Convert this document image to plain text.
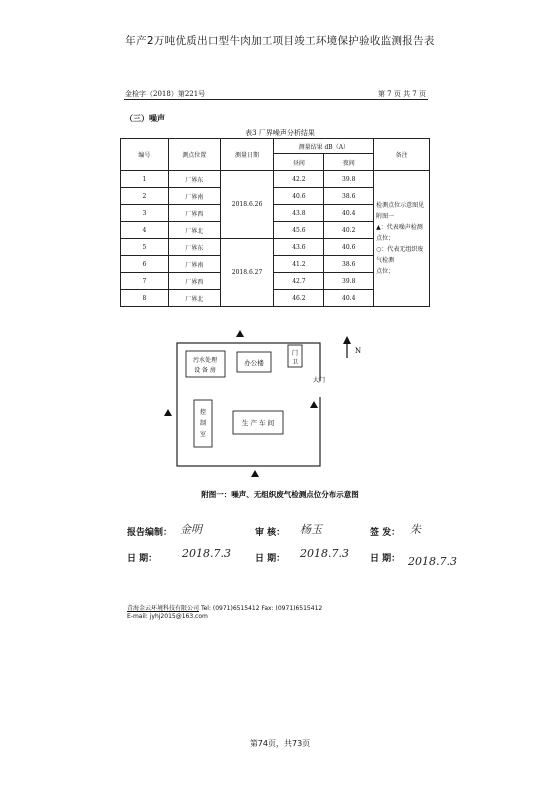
年产2万吨优质出口型牛肉加工项目竣工环境保护验收监测报告表
金检字（2018）第221号	第 7 页 共 7 页
（三）噪声
表3 厂界噪声分析结果
编号	测点位置	测量日期	测量结果 dB（A）		备注
			昼间	夜间	
1	厂界东	2018.6.26	42.2	39.8	检测点位示意图见附图一
▲：代表噪声检测点位；
○：代表无组织废气检测
点位；

2	厂界南		40.6	38.6	
3	厂界西		43.8	40.4	
4	厂界北		45.6	40.2	
5	厂界东	2018.6.27	43.6	40.6	
6	厂界南		41.2	38.6	
7	厂界西		42.7	39.8	
8	厂界北		46.2	40.4	
N
污水处理
设 备 房
办公楼
门
卫
大门
控
制
室
生 产 车 间
附图一：噪声、无组织废气检测点位分布示意图
报告编制： 金明	审 核： 杨玉	签 发： 朱
日 期： 2018.7.3	日 期： 2018.7.3 日 期： 2018.7.3
青海金云环境科技有限公司 Tel: (0971)6515412 Fax: (0971)6515412
E-mail: jyhj2015@163.com
第74页，共73页
